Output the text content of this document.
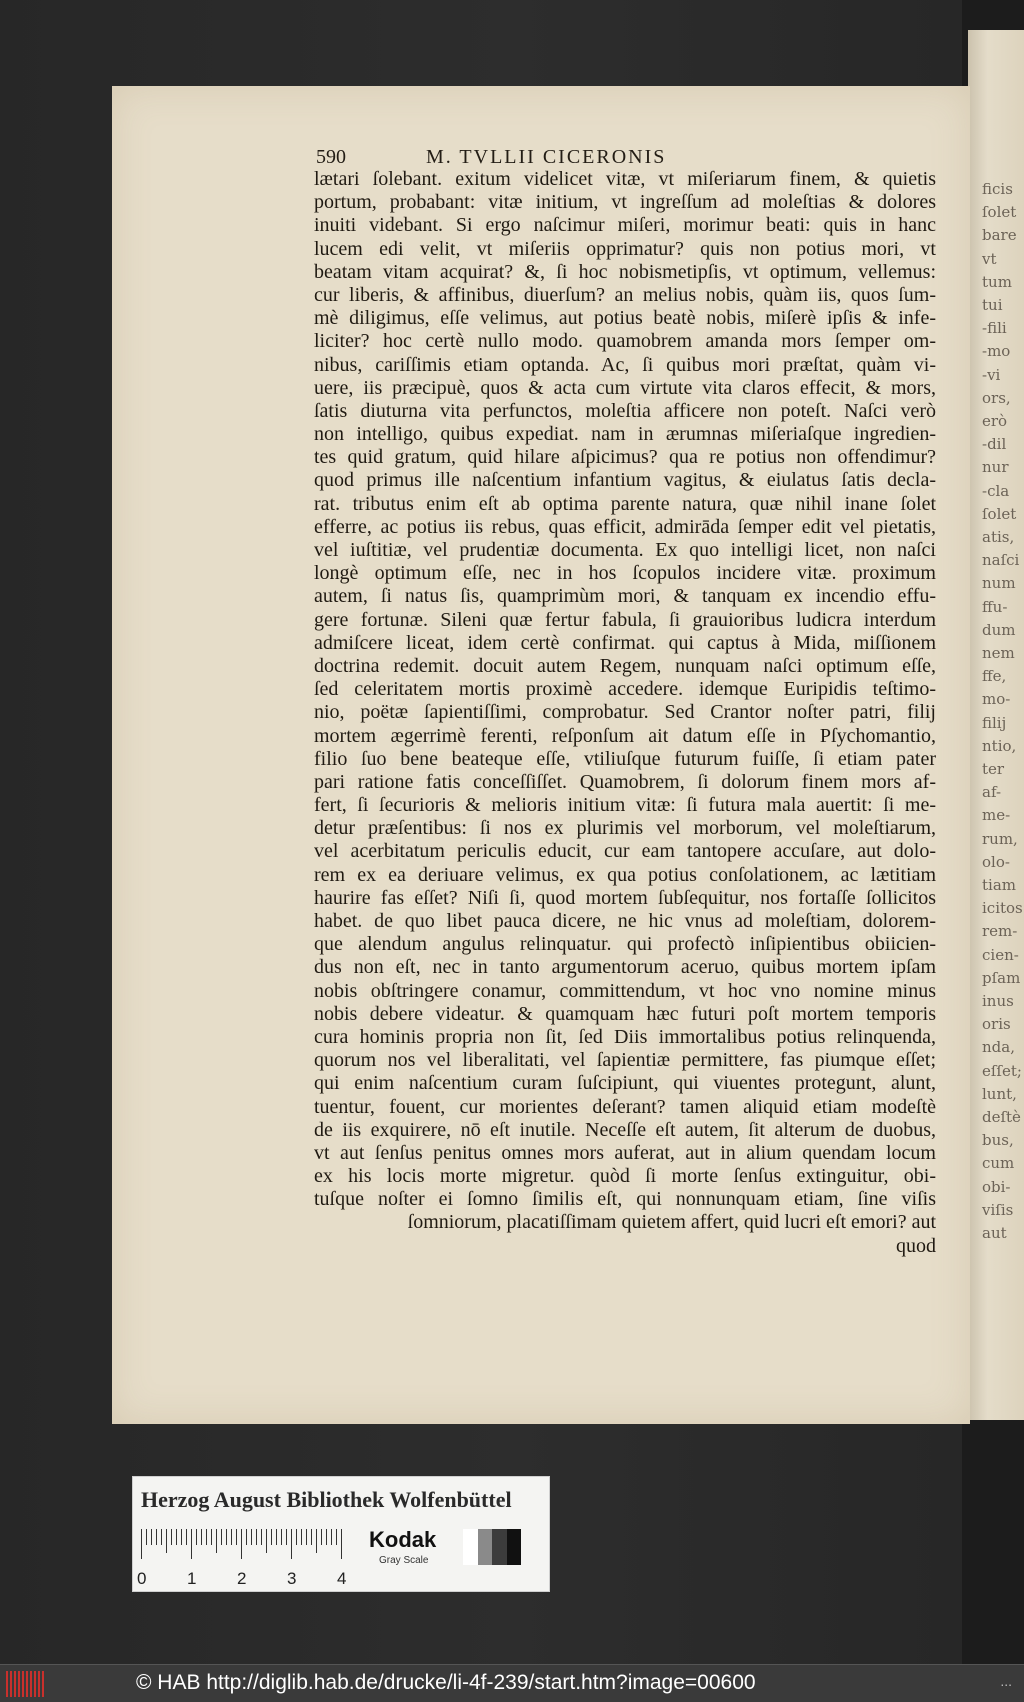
ficis
ſolet
bare
vt
tum
tui
-fili
-mo
-vi
ors,
erò
-dil
nur
-cla
ſolet
atis,
naſci
num
ffu-
dum
nem
ffe,
mo-
filij
ntio,
ter
af-
me-
rum,
olo-
tiam
icitos
rem-
cien-
pſam
inus
oris
nda,
eſſet;
lunt,
deſtè
bus,
cum
obi-
viſis
aut
590	M. TVLLII CICERONIS
lætari ſolebant. exitum videlicet vitæ, vt miſeriarum finem, & quietis
portum, probabant: vitæ initium, vt ingreſſum ad moleſtias & dolores
inuiti videbant. Si ergo naſcimur miſeri, morimur beati: quis in hanc
lucem edi velit, vt miſeriis opprimatur? quis non potius mori, vt
beatam vitam acquirat? &, ſi hoc nobismetipſis, vt optimum, vellemus:
cur liberis, & affinibus, diuerſum? an melius nobis, quàm iis, quos ſum-
mè diligimus, eſſe velimus, aut potius beatè nobis, miſerè ipſis & infe-
liciter? hoc certè nullo modo. quamobrem amanda mors ſemper om-
nibus, cariſſimis etiam optanda. Ac, ſi quibus mori præſtat, quàm vi-
uere, iis præcipuè, quos & acta cum virtute vita claros effecit, & mors,
ſatis diuturna vita perfunctos, moleſtia afficere non poteſt. Naſci verò
non intelligo, quibus expediat. nam in ærumnas miſeriaſque ingredien-
tes quid gratum, quid hilare aſpicimus? qua re potius non offendimur?
quod primus ille naſcentium infantium vagitus, & eiulatus ſatis decla-
rat. tributus enim eſt ab optima parente natura, quæ nihil inane ſolet
efferre, ac potius iis rebus, quas efficit, admirāda ſemper edit vel pietatis,
vel iuſtitiæ, vel prudentiæ documenta. Ex quo intelligi licet, non naſci
longè optimum eſſe, nec in hos ſcopulos incidere vitæ. proximum
autem, ſi natus ſis, quamprimùm mori, & tanquam ex incendio effu-
gere fortunæ. Sileni quæ fertur fabula, ſi grauioribus ludicra interdum
admiſcere liceat, idem certè confirmat. qui captus à Mida, miſſionem
doctrina redemit. docuit autem Regem, nunquam naſci optimum eſſe,
ſed celeritatem mortis proximè accedere. idemque Euripidis teſtimo-
nio, poëtæ ſapientiſſimi, comprobatur. Sed Crantor noſter patri, filij
mortem ægerrimè ferenti, reſponſum ait datum eſſe in Pſychomantio,
filio ſuo bene beateque eſſe, vtiliuſque futurum fuiſſe, ſi etiam pater
pari ratione fatis conceſſiſſet. Quamobrem, ſi dolorum finem mors af-
fert, ſi ſecurioris & melioris initium vitæ: ſi futura mala auertit: ſi me-
detur præſentibus: ſi nos ex plurimis vel morborum, vel moleſtiarum,
vel acerbitatum periculis educit, cur eam tantopere accuſare, aut dolo-
rem ex ea deriuare velimus, ex qua potius conſolationem, ac lætitiam
haurire fas eſſet? Niſi ſi, quod mortem ſubſequitur, nos fortaſſe ſollicitos
habet. de quo libet pauca dicere, ne hic vnus ad moleſtiam, dolorem-
que alendum angulus relinquatur. qui profectò inſipientibus obiicien-
dus non eſt, nec in tanto argumentorum aceruo, quibus mortem ipſam
nobis obſtringere conamur, committendum, vt hoc vno nomine minus
nobis debere videatur. & quamquam hæc futuri poſt mortem temporis
cura hominis propria non ſit, ſed Diis immortalibus potius relinquenda,
quorum nos vel liberalitati, vel ſapientiæ permittere, fas piumque eſſet;
qui enim naſcentium curam ſuſcipiunt, qui viuentes protegunt, alunt,
tuentur, fouent, cur morientes deſerant? tamen aliquid etiam modeſtè
de iis exquirere, nō eſt inutile. Neceſſe eſt autem, ſit alterum de duobus,
vt aut ſenſus penitus omnes mors auferat, aut in alium quendam locum
ex his locis morte migretur. quòd ſi morte ſenſus extinguitur, obi-
tuſque noſter ei ſomno ſimilis eſt, qui nonnunquam etiam, ſine viſis
ſomniorum, placatiſſimam quietem affert, quid lucri eſt emori? aut
quod
Herzog August Bibliothek Wolfenbüttel
0 1 2 3 4
Kodak
Gray Scale
© HAB http://diglib.hab.de/drucke/li-4f-239/start.htm?image=00600	...
